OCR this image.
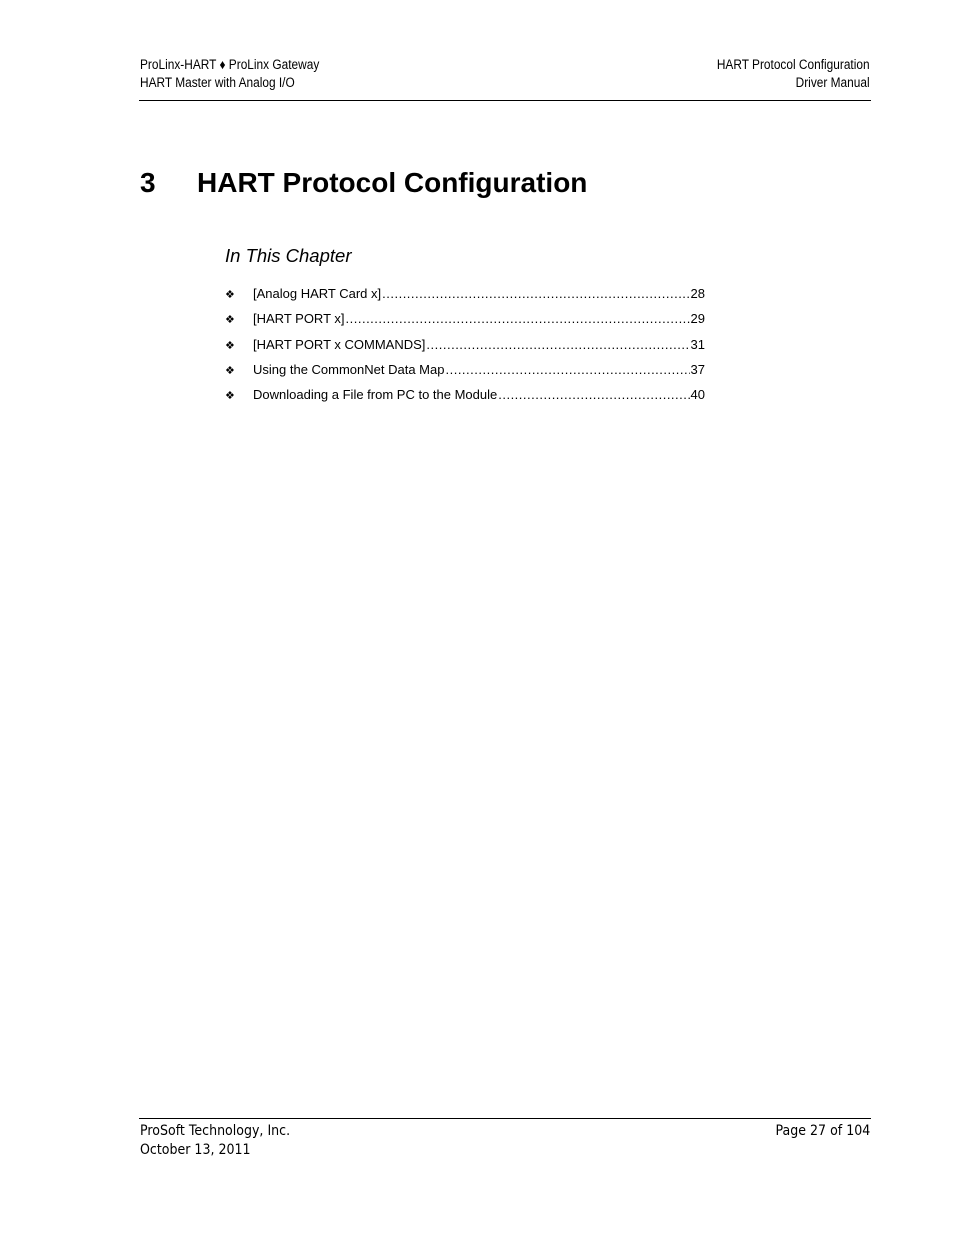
ProLinx-HART ♦ ProLinx Gateway
HART Master with Analog I/O
HART Protocol Configuration
Driver Manual
3 HART Protocol Configuration
In This Chapter
❖	[Analog HART Card x] .....	28
❖	[HART PORT x] .....	29
❖	[HART PORT x COMMANDS] .....	31
❖	Using the CommonNet Data Map .....	37
❖	Downloading a File from PC to the Module .....	40
ProSoft Technology, Inc.
October 13, 2011
Page 27 of 104
